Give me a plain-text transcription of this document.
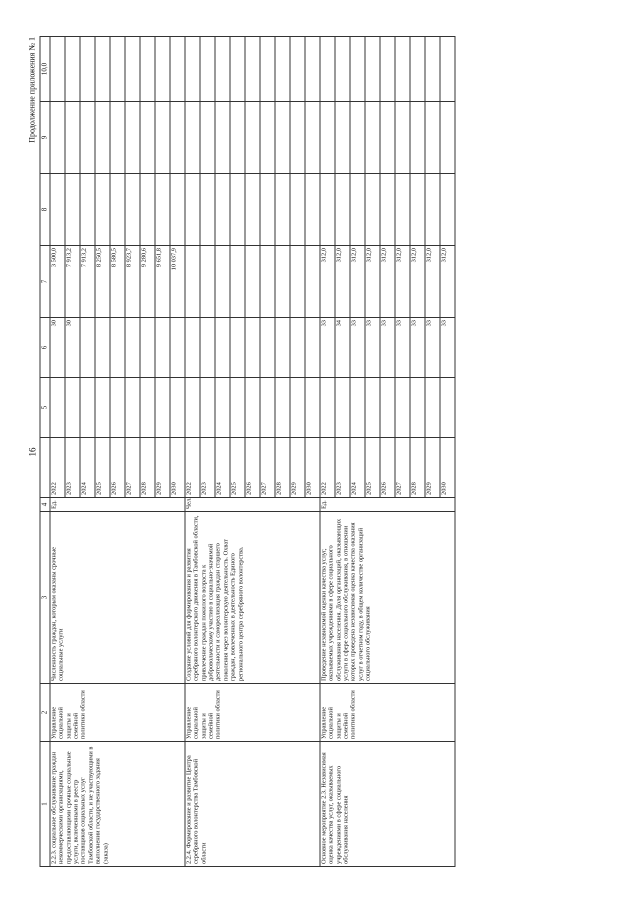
16
Продолжение приложения № 1
1	2	3	4		5	6	7	8	9	10,0
2.2.3. социальное обслуживание граждан некоммерческими организациями, предоставляющими срочные социальные услуги, включенными в реестр поставщиков социальных услуг Тамбовской области, и не участвующими в выполнении государственного задания (заказа)	Управление социальной защиты и семейной политики области	Численность граждан, которым оказаны срочные социальные услуги	Ед.	2022		30	3 500,0			
				2023		30	7 913,2			
				2024			7 913,2			
				2025			8 250,5			
				2026			8 580,5			
				2027			8 923,7			
				2028			9 280,6			
				2029			9 651,8			
				2030			10 037,9			
2.2.4. Формирование и развитие Центра серебряного волонтерства Тамбовской области	Управление социальной защиты и семейной политики области	Создание условий для формирования и развития серебряного волонтерского движения в Тамбовской области, привлечение граждан пожилого возраста к добровольческому участию в социально-значимой деятельности и самореализация граждан старшего поколения через волонтерскую деятельность. Охват граждан, вовлеченных в деятельность Единого регионального центра серебряного волонтерства.	Чел.	2022						
				2023						
				2024						
				2025						
				2026						
				2027						
				2028						
				2029						
				2030						
Основное мероприятие 2.3. Независимая оценка качества услуг, оказываемых учреждениями в сфере социального обслуживания населения	Управление социальной защиты и семейной политики области	Проведение независимой оценки качества услуг, оказываемых учреждениями в сфере социального обслуживания населения. Доля организаций, оказывающих услуги в сфере социального обслуживания, в отношении которых проведена независимая оценка качества оказания услуг в отчетном году, в общем количестве организаций социального обслуживания	Ед.	2022		33	312,0			
				2023		34	312,0			
				2024		33	312,0			
				2025		33	312,0			
				2026		33	312,0			
				2027		33	312,0			
				2028		33	312,0			
				2029		33	312,0			
				2030		33	312,0			
